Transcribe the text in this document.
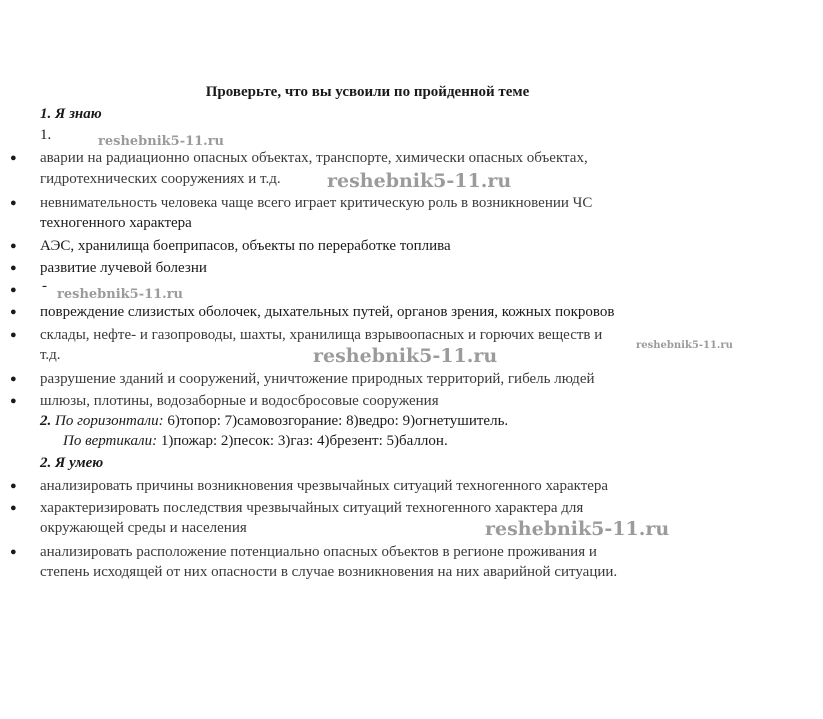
Проверьте, что вы усвоили по пройденной теме
1. Я знаю
1.
● аварии на радиационно опасных объектах, транспорте, химически опасных объектах,
гидротехнических сооружениях и т.д.
● невнимательность человека чаще всего играет критическую роль в возникновении ЧС
техногенного характера
● АЭС, хранилища боеприпасов, объекты по переработке топлива
● развитие лучевой болезни
● -
● повреждение слизистых оболочек, дыхательных путей, органов зрения, кожных покровов
● склады, нефте- и газопроводы, шахты, хранилища взрывоопасных и горючих веществ и
т.д.
● разрушение зданий и сооружений, уничтожение природных территорий, гибель людей
● шлюзы, плотины, водозаборные и водосбросовые сооружения
2. По горизонтали: 6)топор: 7)самовозгорание: 8)ведро: 9)огнетушитель.
По вертикали: 1)пожар: 2)песок: 3)газ: 4)брезент: 5)баллон.
2. Я умею
● анализировать причины возникновения чрезвычайных ситуаций техногенного характера
● характеризировать последствия чрезвычайных ситуаций техногенного характера для
окружающей среды и населения
● анализировать расположение потенциально опасных объектов в регионе проживания и
степень исходящей от них опасности в случае возникновения на них аварийной ситуации.
reshebnik5-11.ru
reshebnik5-11.ru
reshebnik5-11.ru
reshebnik5-11.ru	reshebnik5-11.ru
reshebnik5-11.ru
